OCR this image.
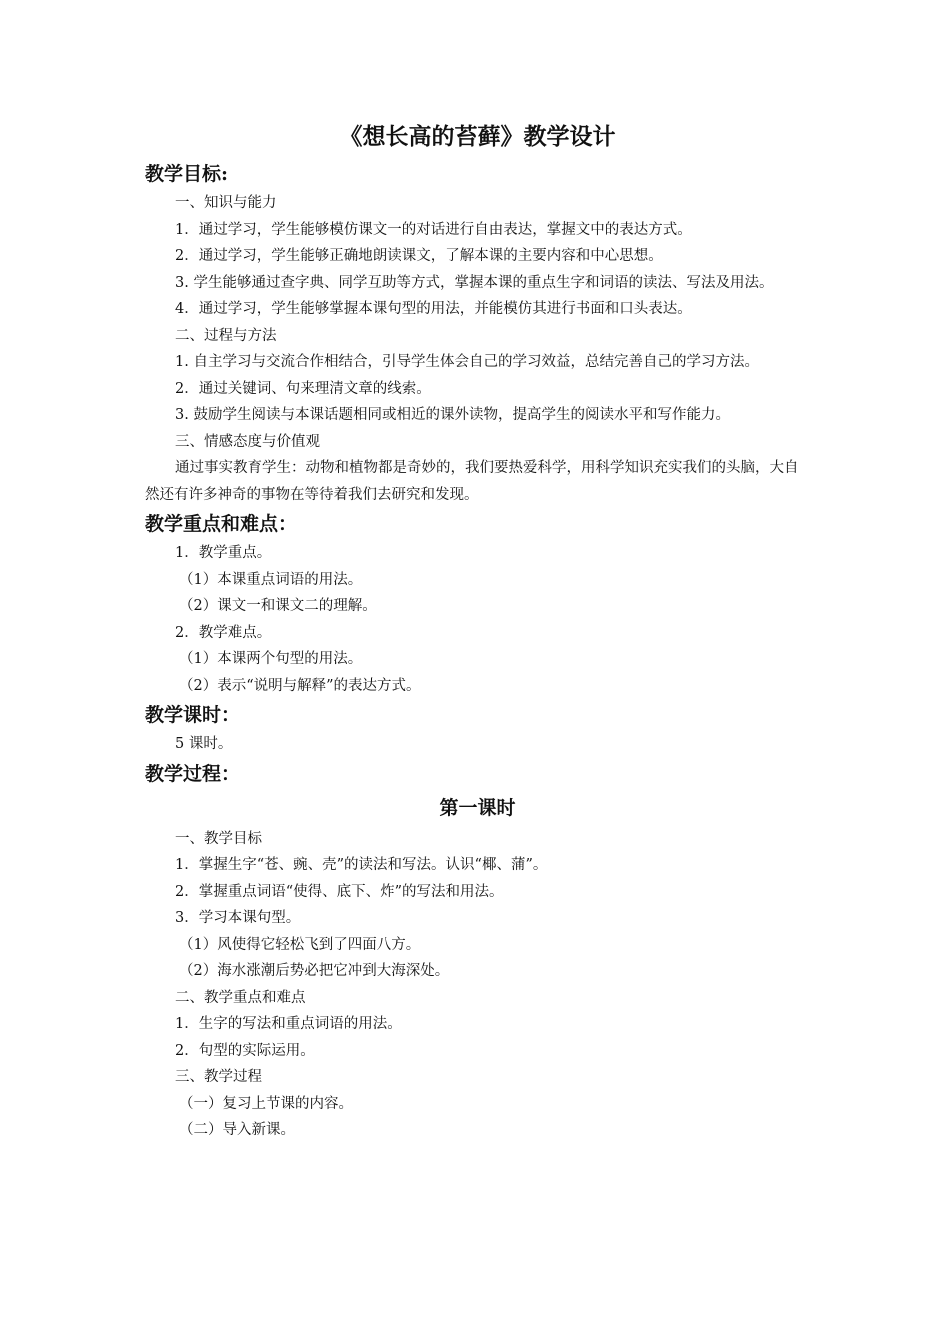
《想长高的苔藓》教学设计
教学目标:

一、知识与能力

1．通过学习，学生能够模仿课文一的对话进行自由表达，掌握文中的表达方式。

2．通过学习，学生能够正确地朗读课文，了解本课的主要内容和中心思想。

3. 学生能够通过查字典、同学互助等方式，掌握本课的重点生字和词语的读法、写法及用法。

4．通过学习，学生能够掌握本课句型的用法，并能模仿其进行书面和口头表达。

二、过程与方法

1. 自主学习与交流合作相结合，引导学生体会自己的学习效益，总结完善自己的学习方法。

2．通过关键词、句来理清文章的线索。

3. 鼓励学生阅读与本课话题相同或相近的课外读物，提高学生的阅读水平和写作能力。

三、情感态度与价值观

通过事实教育学生：动物和植物都是奇妙的，我们要热爱科学，用科学知识充实我们的头脑，大自然还有许多神奇的事物在等待着我们去研究和发现。

教学重点和难点：

1．教学重点。

（1）本课重点词语的用法。

（2）课文一和课文二的理解。

2．教学难点。

（1）本课两个句型的用法。

（2）表示“说明与解释”的表达方式。

教学课时：

5 课时。

教学过程：
第一课时

一、教学目标

1．掌握生字“苍、豌、壳”的读法和写法。认识“椰、蒲”。

2．掌握重点词语“使得、底下、炸”的写法和用法。

3．学习本课句型。

（1）风使得它轻松飞到了四面八方。

（2）海水涨潮后势必把它冲到大海深处。

二、教学重点和难点

1．生字的写法和重点词语的用法。

2．句型的实际运用。

三、教学过程

（一）复习上节课的内容。

（二）导入新课。
